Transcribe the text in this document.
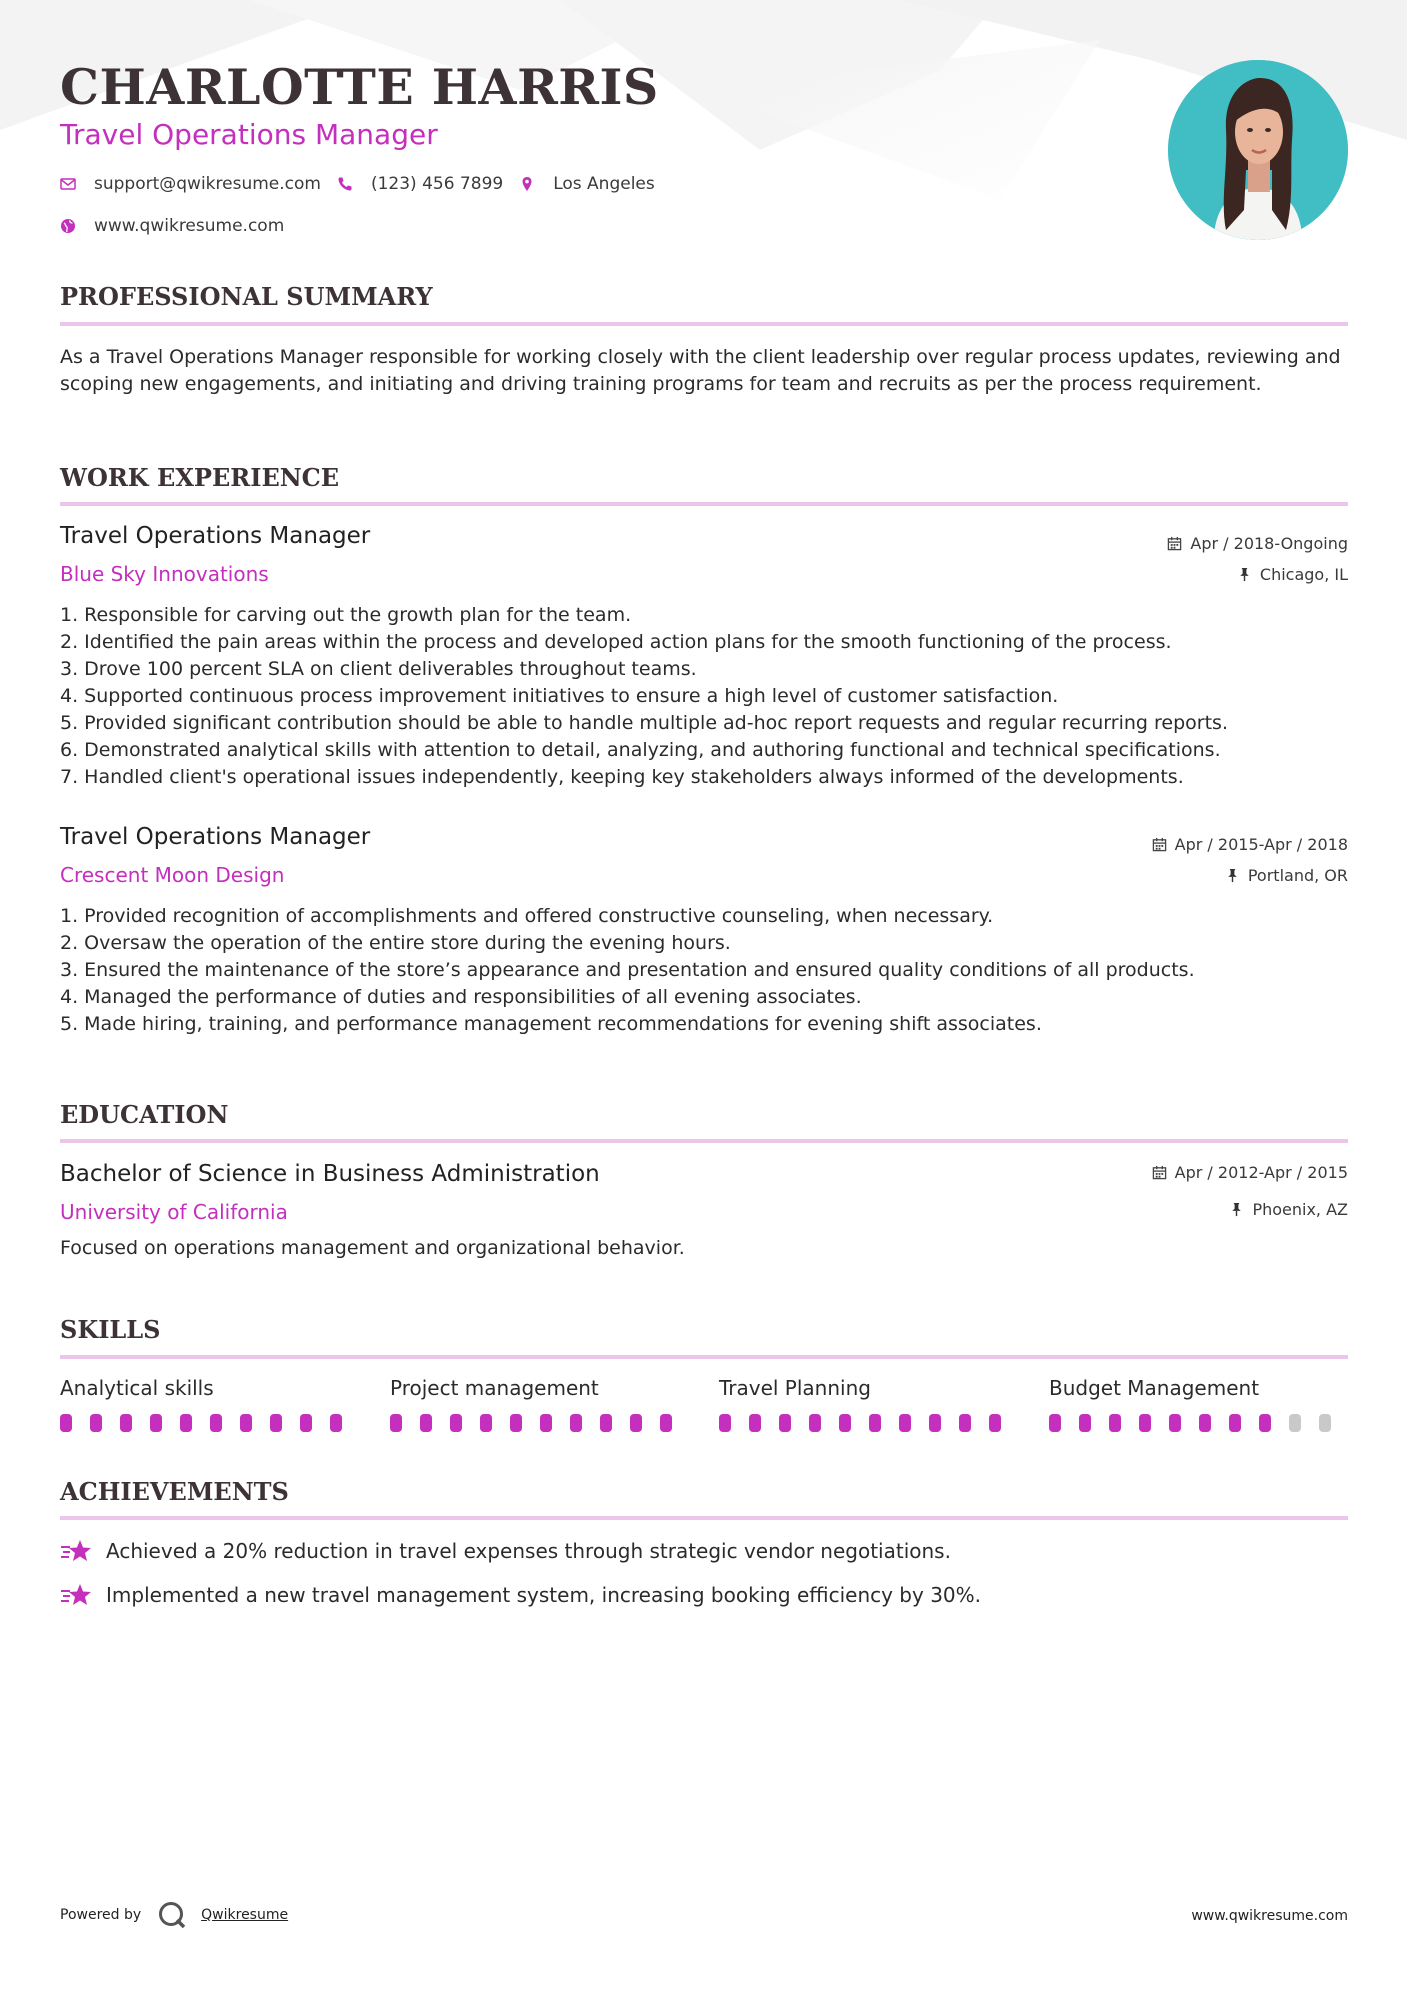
CHARLOTTE HARRIS
Travel Operations Manager
support@qwikresume.com	(123) 456 7899	Los Angeles
www.qwikresume.com
PROFESSIONAL SUMMARY

As a Travel Operations Manager responsible for working closely with the client leadership over regular process updates, reviewing and scoping new engagements, and initiating and driving training programs for team and recruits as per the process requirement.

WORK EXPERIENCE
Travel Operations Manager
Blue Sky Innovations
Apr / 2018-Ongoing
Chicago, IL
1. Responsible for carving out the growth plan for the team.
2. Identified the pain areas within the process and developed action plans for the smooth functioning of the process.
3. Drove 100 percent SLA on client deliverables throughout teams.
4. Supported continuous process improvement initiatives to ensure a high level of customer satisfaction.
5. Provided significant contribution should be able to handle multiple ad-hoc report requests and regular recurring reports.
6. Demonstrated analytical skills with attention to detail, analyzing, and authoring functional and technical specifications.
7. Handled client's operational issues independently, keeping key stakeholders always informed of the developments.
Travel Operations Manager
Crescent Moon Design
Apr / 2015-Apr / 2018
Portland, OR
1. Provided recognition of accomplishments and offered constructive counseling, when necessary.
2. Oversaw the operation of the entire store during the evening hours.
3. Ensured the maintenance of the store’s appearance and presentation and ensured quality conditions of all products.
4. Managed the performance of duties and responsibilities of all evening associates.
5. Made hiring, training, and performance management recommendations for evening shift associates.
EDUCATION
Bachelor of Science in Business Administration
University of California
Apr / 2012-Apr / 2015
Phoenix, AZ
Focused on operations management and organizational behavior.
SKILLS
Analytical skills	Project management	Travel Planning	Budget Management
ACHIEVEMENTS
Achieved a 20% reduction in travel expenses through strategic vendor negotiations.
Implemented a new travel management system, increasing booking efficiency by 30%.
Powered by	Qwikresume	www.qwikresume.com
